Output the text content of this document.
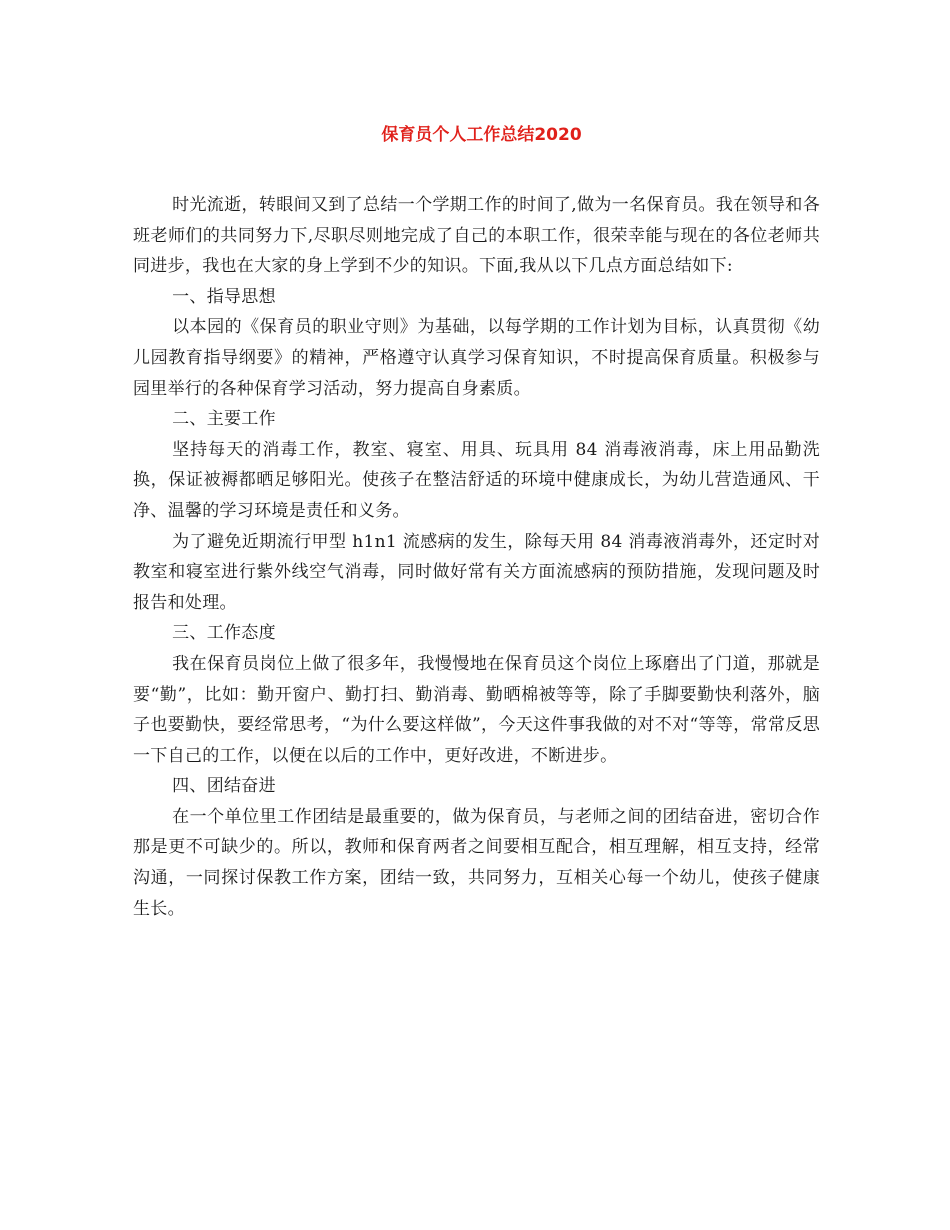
保育员个人工作总结2020

时光流逝，转眼间又到了总结一个学期工作的时间了,做为一名保育员。我在领导和各班老师们的共同努力下,尽职尽则地完成了自己的本职工作，很荣幸能与现在的各位老师共同进步，我也在大家的身上学到不少的知识。下面,我从以下几点方面总结如下:

一、指导思想

以本园的《保育员的职业守则》为基础，以每学期的工作计划为目标，认真贯彻《幼儿园教育指导纲要》的精神，严格遵守认真学习保育知识，不时提高保育质量。积极参与园里举行的各种保育学习活动，努力提高自身素质。

二、主要工作

坚持每天的消毒工作，教室、寝室、用具、玩具用 84 消毒液消毒，床上用品勤洗换，保证被褥都晒足够阳光。使孩子在整洁舒适的环境中健康成长，为幼儿营造通风、干净、温馨的学习环境是责任和义务。

为了避免近期流行甲型 h1n1 流感病的发生，除每天用 84 消毒液消毒外，还定时对教室和寝室进行紫外线空气消毒，同时做好常有关方面流感病的预防措施，发现问题及时报告和处理。

三、工作态度

我在保育员岗位上做了很多年，我慢慢地在保育员这个岗位上琢磨出了门道，那就是要“勤”，比如：勤开窗户、勤打扫、勤消毒、勤晒棉被等等，除了手脚要勤快利落外，脑子也要勤快，要经常思考，“为什么要这样做”，今天这件事我做的对不对“等等，常常反思一下自己的工作，以便在以后的工作中，更好改进，不断进步。

四、团结奋进

在一个单位里工作团结是最重要的，做为保育员，与老师之间的团结奋进，密切合作那是更不可缺少的。所以，教师和保育两者之间要相互配合，相互理解，相互支持，经常沟通，一同探讨保教工作方案，团结一致，共同努力，互相关心每一个幼儿，使孩子健康生长。
